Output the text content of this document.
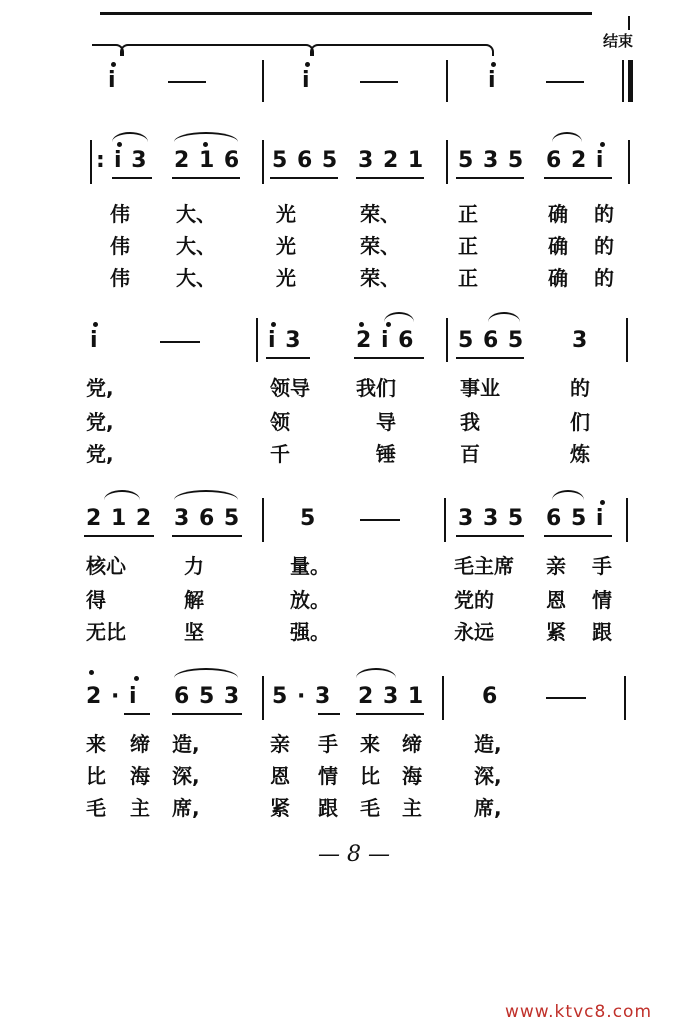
结束
i	i	i
: i 3 2 1 6 5 6 5 3 2 1 5 3 5 6 2 i
伟 大、	光	荣、	正	确 的
伟 大、	光	荣、	正	确 的
伟 大、	光	荣、	正	确 的
i	i 3 2 i 6 5 6 5 3
党,	领导 我们	事业	的
党,	领	导	我	们
党,	千	锤	百	炼
2 1 2 3 6 5	5	3 3 5 6 5 i
核心	力	量。	毛主席 亲 手
得	解	放。	党的	恩 情
无比	坚	强。	永远	紧 跟
2 · i 6 5 3 5 · 3 2 3 1	6
来 缔 造,	亲 手 来 缔	造,
比 海 深,	恩 情 比 海	深,
毛 主 席,	紧 跟 毛 主	席,
— 8 —
www.ktvc8.com
